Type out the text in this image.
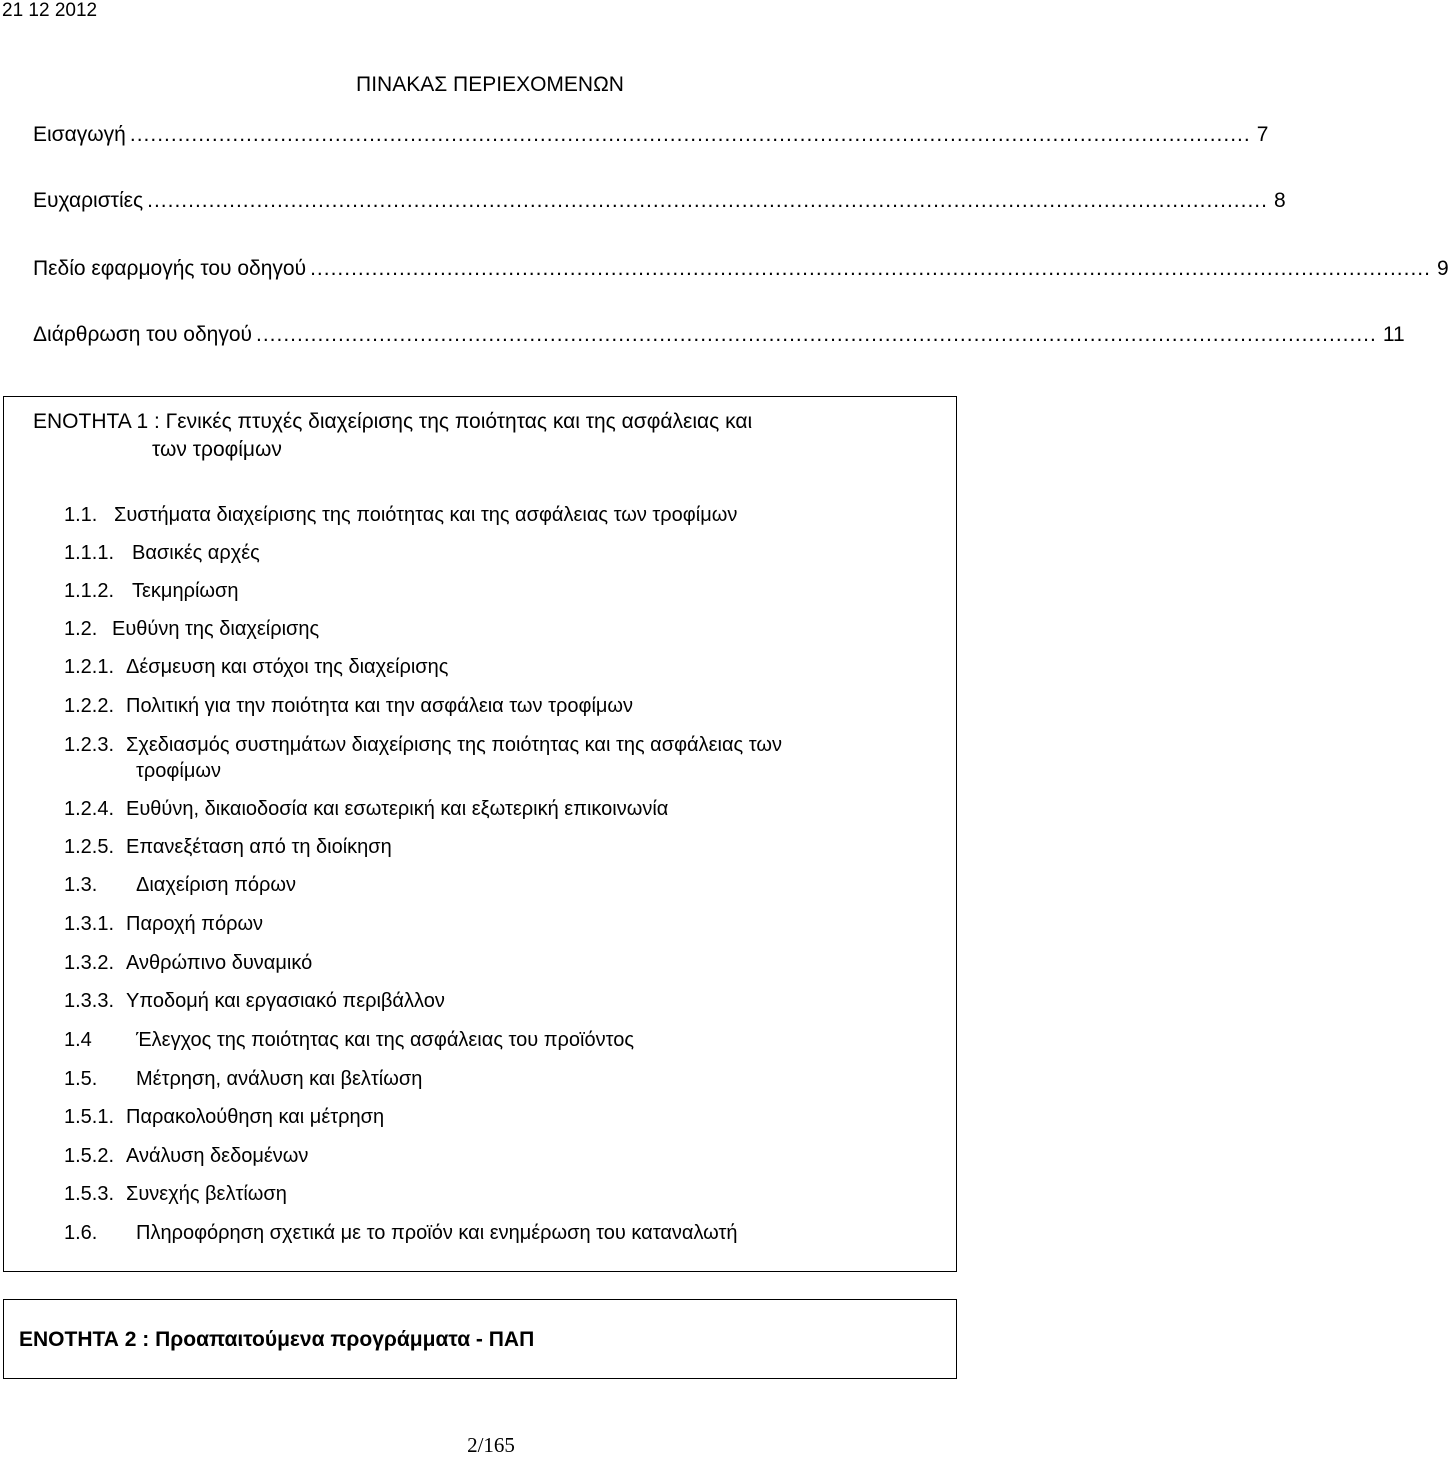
21 12 2012
ΠΙΝΑΚΑΣ ΠΕΡΙΕΧΟΜΕΝΩΝ
Εισαγωγή .................................................................................................................................................................... 7
Ευχαριστίες .................................................................................................................................................................... 8
Πεδίο εφαρμογής του οδηγού .................................................................................................................................................................... 9
Διάρθρωση του οδηγού .................................................................................................................................................................... 11
ΕΝΟΤΗΤΑ 1 : Γενικές πτυχές διαχείρισης της ποιότητας και της ασφάλειας και
των τροφίμων
1.1. Συστήματα διαχείρισης της ποιότητας και της ασφάλειας των τροφίμων
1.1.1. Βασικές αρχές
1.1.2. Τεκμηρίωση
1.2. Ευθύνη της διαχείρισης
1.2.1. Δέσμευση και στόχοι της διαχείρισης
1.2.2. Πολιτική για την ποιότητα και την ασφάλεια των τροφίμων
1.2.3. Σχεδιασμός συστημάτων διαχείρισης της ποιότητας και της ασφάλειας των
τροφίμων
1.2.4. Ευθύνη, δικαιοδοσία και εσωτερική και εξωτερική επικοινωνία
1.2.5. Επανεξέταση από τη διοίκηση
1.3. Διαχείριση πόρων
1.3.1. Παροχή πόρων
1.3.2. Ανθρώπινο δυναμικό
1.3.3. Υποδομή και εργασιακό περιβάλλον
1.4 Έλεγχος της ποιότητας και της ασφάλειας του προϊόντος
1.5. Μέτρηση, ανάλυση και βελτίωση
1.5.1. Παρακολούθηση και μέτρηση
1.5.2. Ανάλυση δεδομένων
1.5.3. Συνεχής βελτίωση
1.6. Πληροφόρηση σχετικά με το προϊόν και ενημέρωση του καταναλωτή
ΕΝΟΤΗΤΑ 2 : Προαπαιτούμενα προγράμματα - ΠΑΠ
2/165
